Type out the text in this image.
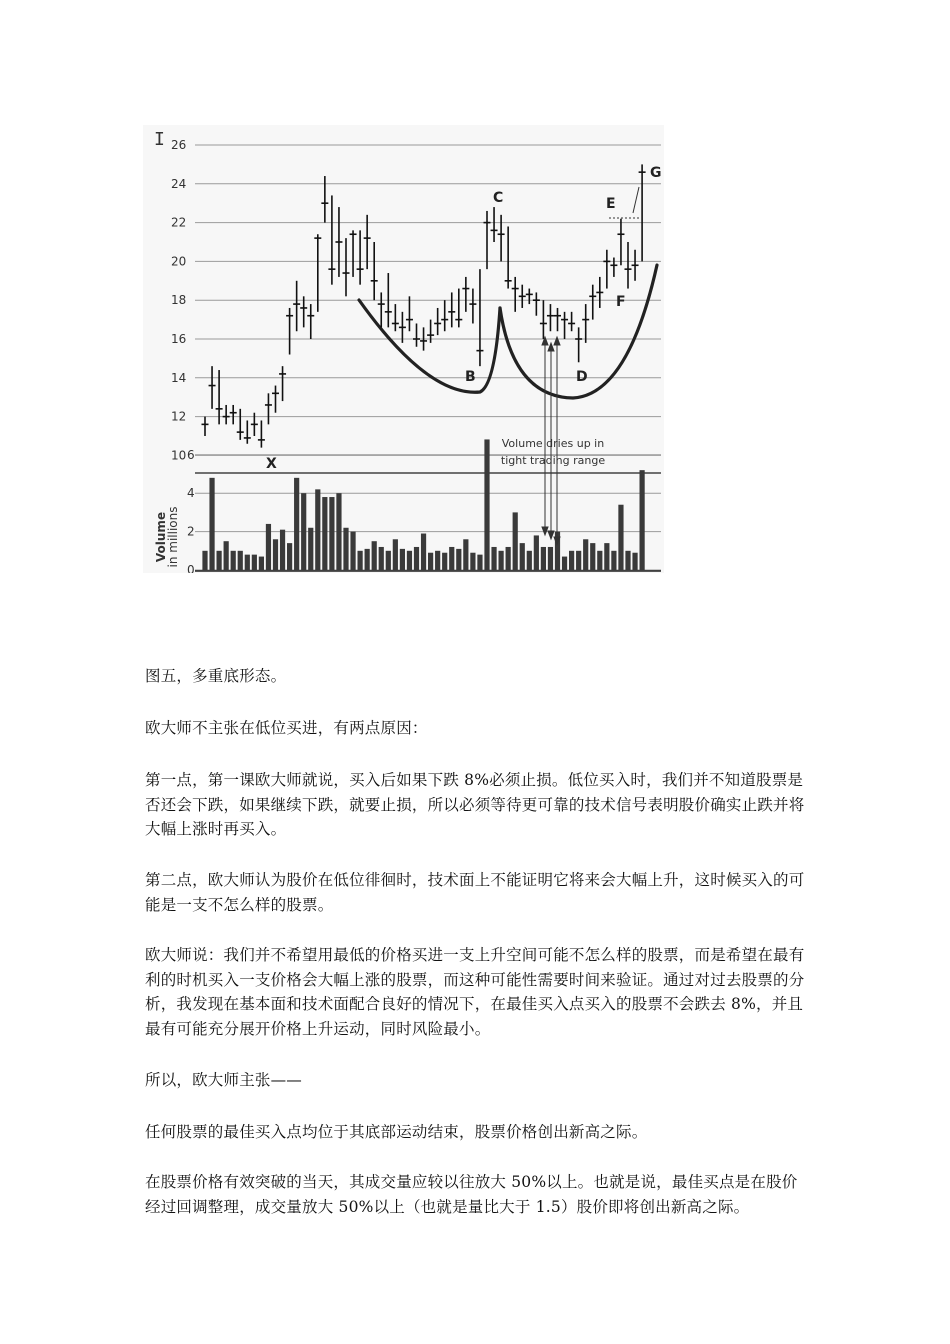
26
24
22
20
18
16
14
12
10 6
4
2
0
X
B
C
D
E
F
G
Volume dries up in
tight trading range
Volume
in millions
I

图五，多重底形态。

欧大师不主张在低位买进，有两点原因：

第一点，第一课欧大师就说，买入后如果下跌 8%必须止损。低位买入时，我们并不知道股票是否还会下跌，如果继续下跌，就要止损，所以必须等待更可靠的技术信号表明股价确实止跌并将大幅上涨时再买入。

第二点，欧大师认为股价在低位徘徊时，技术面上不能证明它将来会大幅上升，这时候买入的可能是一支不怎么样的股票。

欧大师说：我们并不希望用最低的价格买进一支上升空间可能不怎么样的股票，而是希望在最有利的时机买入一支价格会大幅上涨的股票，而这种可能性需要时间来验证。通过对过去股票的分析，我发现在基本面和技术面配合良好的情况下，在最佳买入点买入的股票不会跌去 8%，并且最有可能充分展开价格上升运动，同时风险最小。

所以，欧大师主张——

任何股票的最佳买入点均位于其底部运动结束，股票价格创出新高之际。

在股票价格有效突破的当天，其成交量应较以往放大 50%以上。也就是说，最佳买点是在股价经过回调整理，成交量放大 50%以上（也就是量比大于 1.5）股价即将创出新高之际。
